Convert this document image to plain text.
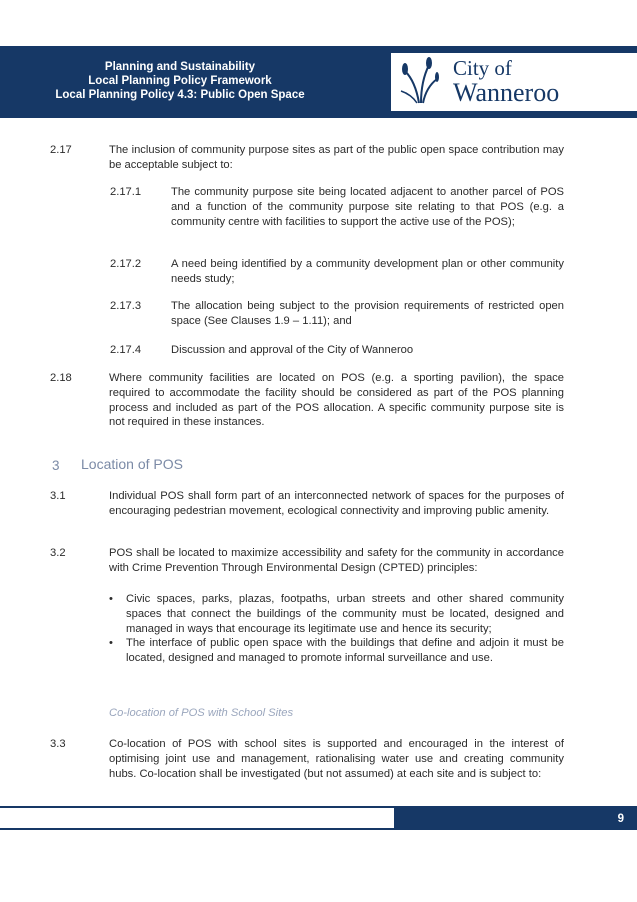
Planning and Sustainability
Local Planning Policy Framework
Local Planning Policy 4.3: Public Open Space
City of
Wanneroo
2.17	The inclusion of community purpose sites as part of the public open space contribution may be acceptable subject to:
2.17.1	The community purpose site being located adjacent to another parcel of POS and a function of the community purpose site relating to that POS (e.g. a community centre with facilities to support the active use of the POS);
2.17.2	A need being identified by a community development plan or other community needs study;
2.17.3	The allocation being subject to the provision requirements of restricted open space (See Clauses 1.9 – 1.11); and
2.17.4	Discussion and approval of the City of Wanneroo
2.18	Where community facilities are located on POS (e.g. a sporting pavilion), the space required to accommodate the facility should be considered as part of the POS planning process and included as part of the POS allocation. A specific community purpose site is not required in these instances.
3 Location of POS
3.1	Individual POS shall form part of an interconnected network of spaces for the purposes of encouraging pedestrian movement, ecological connectivity and improving public amenity.
3.2	POS shall be located to maximize accessibility and safety for the community in accordance with Crime Prevention Through Environmental Design (CPTED) principles:
• Civic spaces, parks, plazas, footpaths, urban streets and other shared community spaces that connect the buildings of the community must be located, designed and managed in ways that encourage its legitimate use and hence its security;
• The interface of public open space with the buildings that define and adjoin it must be located, designed and managed to promote informal surveillance and use.
Co-location of POS with School Sites
3.3	Co-location of POS with school sites is supported and encouraged in the interest of optimising joint use and management, rationalising water use and creating community hubs. Co-location shall be investigated (but not assumed) at each site and is subject to:
9
